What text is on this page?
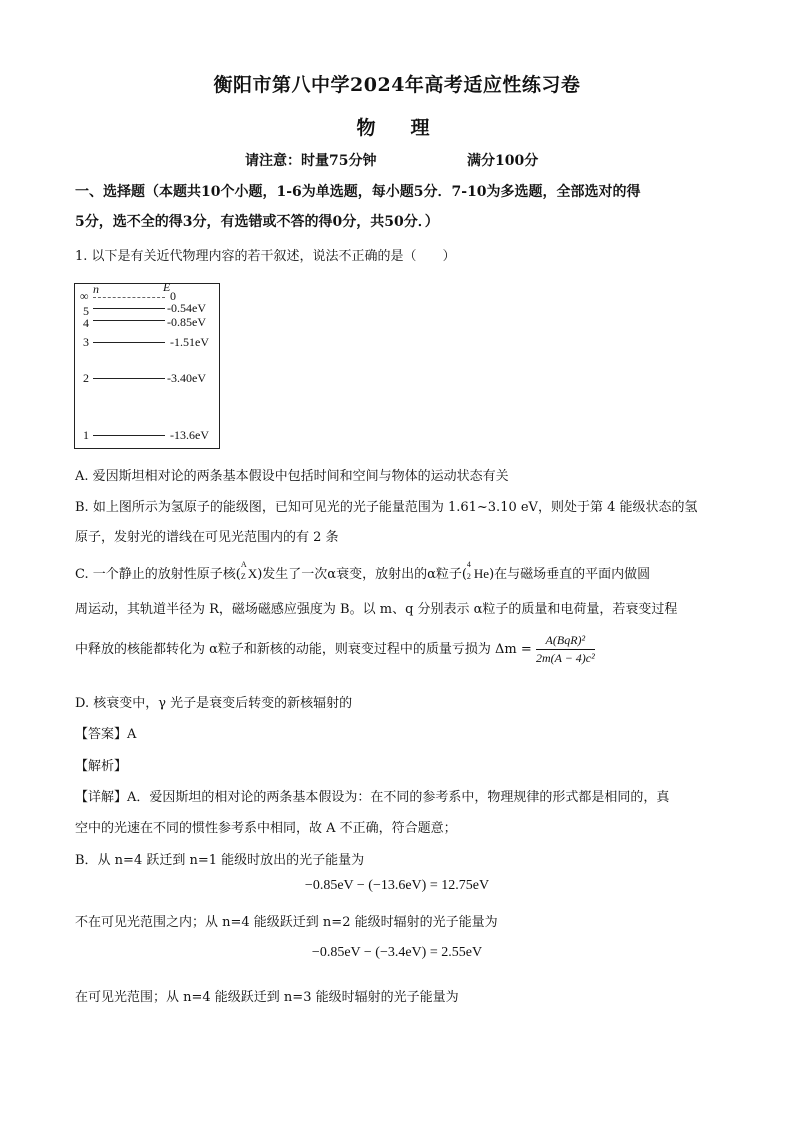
衡阳市第八中学2024年高考适应性练习卷
物　理
请注意：时量75分钟	满分100分
一、选择题（本题共10个小题，1-6为单选题，每小题5分．7-10为多选题，全部选对的得
5分，选不全的得3分，有选错或不答的得0分，共50分．）
1. 以下是有关近代物理内容的若干叙述，说法不正确的是（　　）
n	E
∞	0
5	-0.54eV
4	-0.85eV
3	-1.51eV
2	-3.40eV
1	-13.6eV
A. 爱因斯坦相对论的两条基本假设中包括时间和空间与物体的运动状态有关
B. 如上图所示为氢原子的能级图，已知可见光的光子能量范围为 1.61~3.10 eV，则处于第 4 能级状态的氢
原子，发射光的谱线在可见光范围内的有 2 条
C. 一个静止的放射性原子核(
A
Z X)发生了一次α衰变，放射出的α粒子(
4
2 He)在与磁场垂直的平面内做圆
周运动，其轨道半径为 R，磁场磁感应强度为 B。以 m、q 分别表示 α粒子的质量和电荷量，若衰变过程
中释放的核能都转化为 α粒子和新核的动能，则衰变过程中的质量亏损为 $\Delta m = \frac{\text{A(BqR)²}}{\text{2m(A − 4)c²}}$
D. 核衰变中，γ 光子是衰变后转变的新核辐射的
【答案】A
【解析】
【详解】A．爱因斯坦的相对论的两条基本假设为：在不同的参考系中，物理规律的形式都是相同的，真
空中的光速在不同的惯性参考系中相同，故 A 不正确，符合题意；
B．从 n=4 跃迁到 n=1 能级时放出的光子能量为
−0.85eV − (−13.6eV) = 12.75eV
不在可见光范围之内；从 n=4 能级跃迁到 n=2 能级时辐射的光子能量为
−0.85eV − (−3.4eV) = 2.55eV
在可见光范围；从 n=4 能级跃迁到 n=3 能级时辐射的光子能量为
